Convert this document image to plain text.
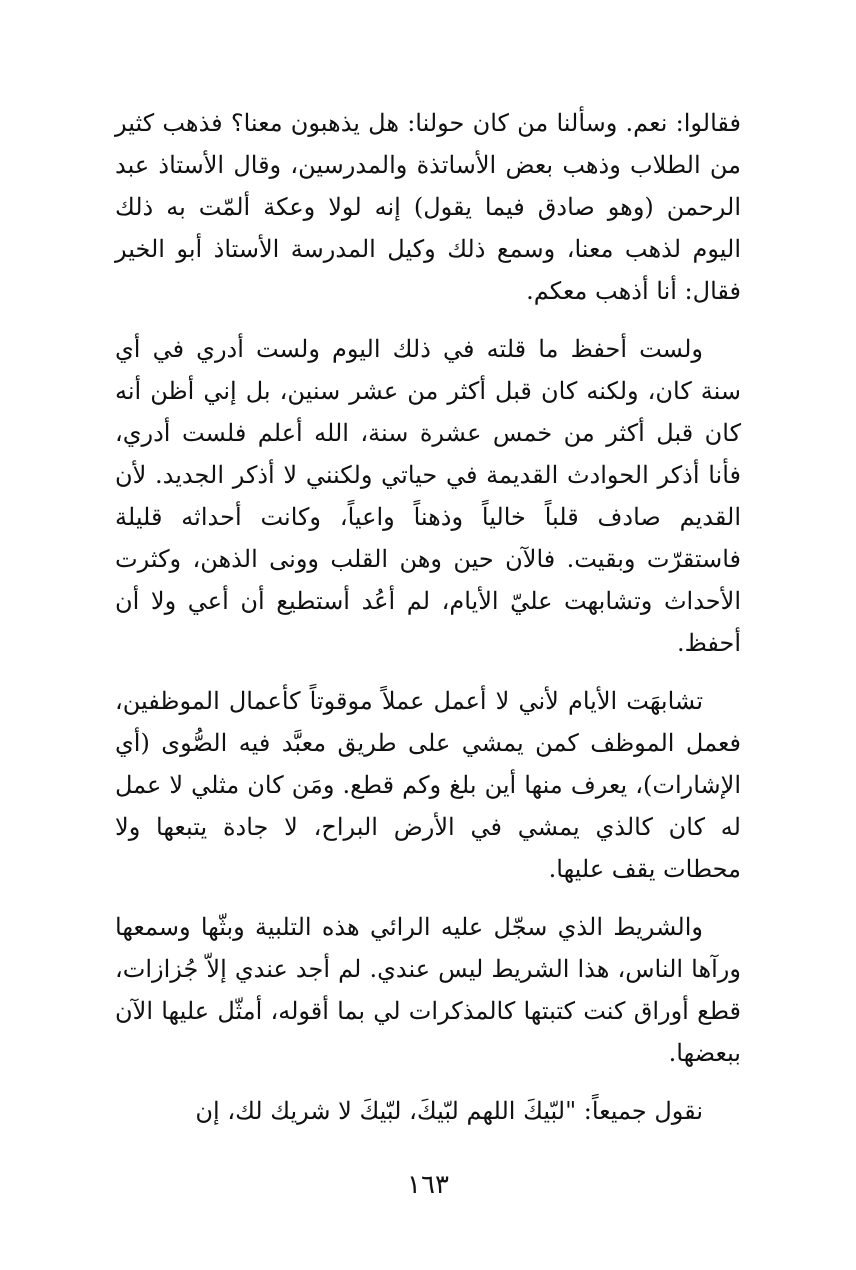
فقالوا: نعم. وسألنا من كان حولنا: هل يذهبون معنا؟ فذهب كثير من الطلاب وذهب بعض الأساتذة والمدرسين، وقال الأستاذ عبد الرحمن (وهو صادق فيما يقول) إنه لولا وعكة ألمّت به ذلك اليوم لذهب معنا، وسمع ذلك وكيل المدرسة الأستاذ أبو الخير فقال: أنا أذهب معكم.

ولست أحفظ ما قلته في ذلك اليوم ولست أدري في أي سنة كان، ولكنه كان قبل أكثر من عشر سنين، بل إني أظن أنه كان قبل أكثر من خمس عشرة سنة، الله أعلم فلست أدري، فأنا أذكر الحوادث القديمة في حياتي ولكنني لا أذكر الجديد. لأن القديم صادف قلباً خالياً وذهناً واعياً، وكانت أحداثه قليلة فاستقرّت وبقيت. فالآن حين وهن القلب وونى الذهن، وكثرت الأحداث وتشابهت عليّ الأيام، لم أعُد أستطيع أن أعي ولا أن أحفظ.

تشابهَت الأيام لأني لا أعمل عملاً موقوتاً كأعمال الموظفين، فعمل الموظف كمن يمشي على طريق معبَّد فيه الصُّوى (أي الإشارات)، يعرف منها أين بلغ وكم قطع. ومَن كان مثلي لا عمل له كان كالذي يمشي في الأرض البراح، لا جادة يتبعها ولا محطات يقف عليها.

والشريط الذي سجّل عليه الرائي هذه التلبية وبثّها وسمعها ورآها الناس، هذا الشريط ليس عندي. لم أجد عندي إلاّ جُزازات، قطع أوراق كنت كتبتها كالمذكرات لي بما أقوله، أمثّل عليها الآن ببعضها.

نقول جميعاً: "لبّيكَ اللهم لبّيكَ، لبّيكَ لا شريك لك، إن

١٦٣
